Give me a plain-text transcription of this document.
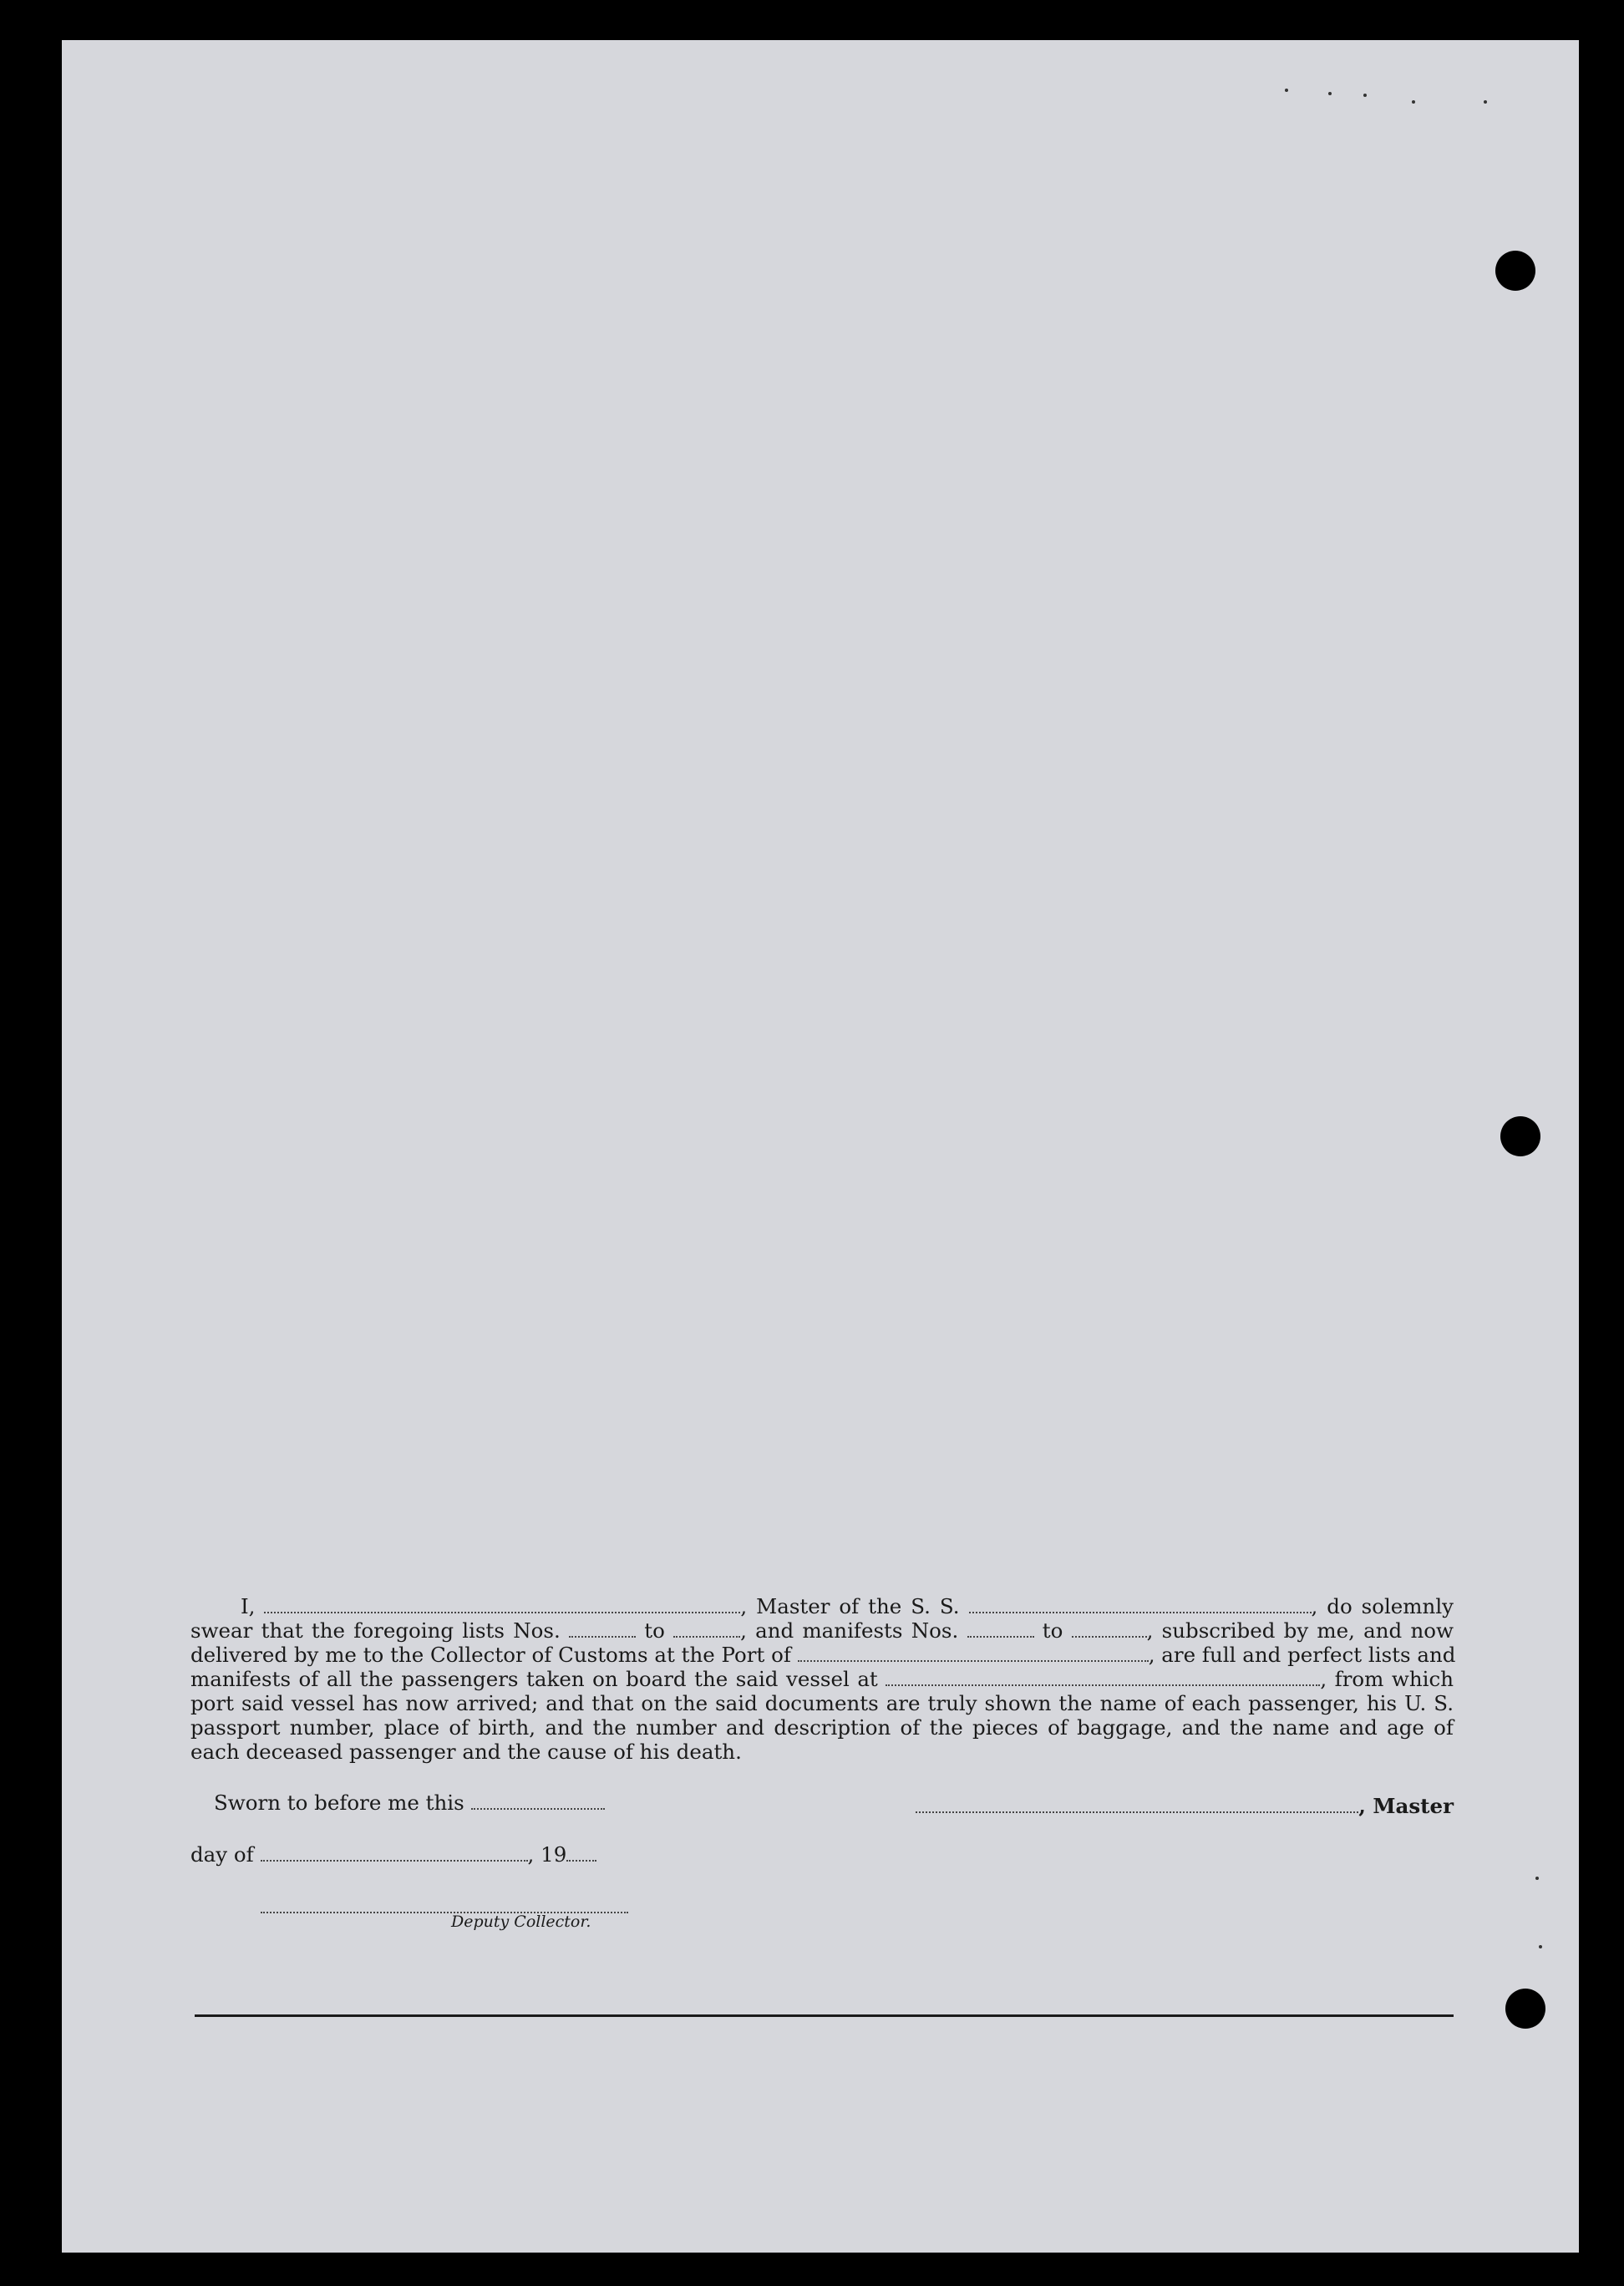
I,	, Master of the S. S.	, do solemnly

swear that the foregoing lists Nos.	to	, and manifests Nos.	to	, subscribed by me, and now

delivered by me to the Collector of Customs at the Port of	, are full and perfect lists and

manifests of all the passengers taken on board the said vessel at	, from which

port said vessel has now arrived; and that on the said documents are truly shown the name of each passenger, his U. S.

passport number, place of birth, and the number and description of the pieces of baggage, and the name and age of

each deceased passenger and the cause of his death.

Sworn to before me this	, Master
day of	, 19
Deputy Collector.
